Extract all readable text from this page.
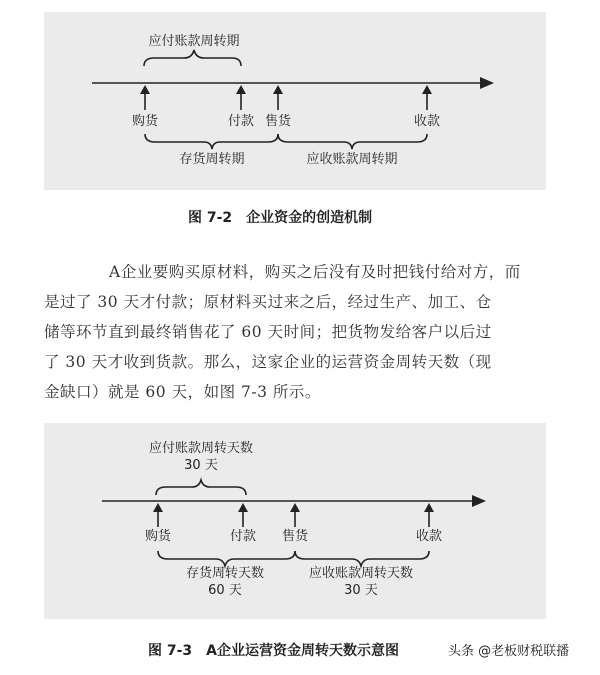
应付账款周转期
购货	付款 售货	收款
存货周转期	应收账款周转期
图 7-2　企业资金的创造机制
A企业要购买原材料，购买之后没有及时把钱付给对方，而
是过了 30 天才付款；原材料买过来之后，经过生产、加工、仓
储等环节直到最终销售花了 60 天时间；把货物发给客户以后过
了 30 天才收到货款。那么，这家企业的运营资金周转天数（现
金缺口）就是 60 天，如图 7-3 所示。
应付账款周转天数
30 天
购货	付款 售货	收款
存货周转天数
60 天
应收账款周转天数
30 天
图 7-3　A企业运营资金周转天数示意图	头条 @老板财税联播
